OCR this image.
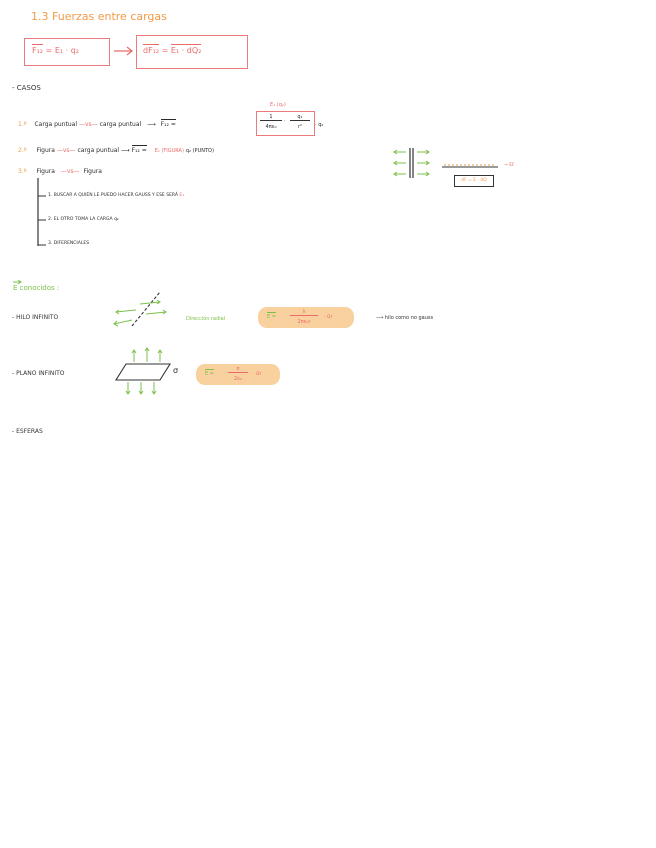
1.3 Fuerzas entre cargas
F₁₂ = E₁ · q₂	dF₁₂ = E₁ · dQ₂
- CASOS
1.º Carga puntual —vs— carga puntual ⟶ F₁₂ =
E₁ (q₂)
1
4πε₀
·
q₁
r²	· q₂
2.º Figura —vs— carga puntual ⟶ F₁₂ = E₁ (FIGURA) q₂ (PUNTO)
3.º Figura —vs— Figura
1. BUSCAR A QUIÉN LE PUEDO HACER GAUSS Y ESE SERÁ E₁
2. EL OTRO TOMA LA CARGA q₂
3. DIFERENCIALES
→ EF
dF = E · dQ
E conocidos :
- HILO INFINITO	Dirección radial	E =
λ
2πε₀r
· ûr	⟶ hilo como no gauss
- PLANO INFINITO	σ	E =
σ
2ε₀
· ûr
- ESFERAS
